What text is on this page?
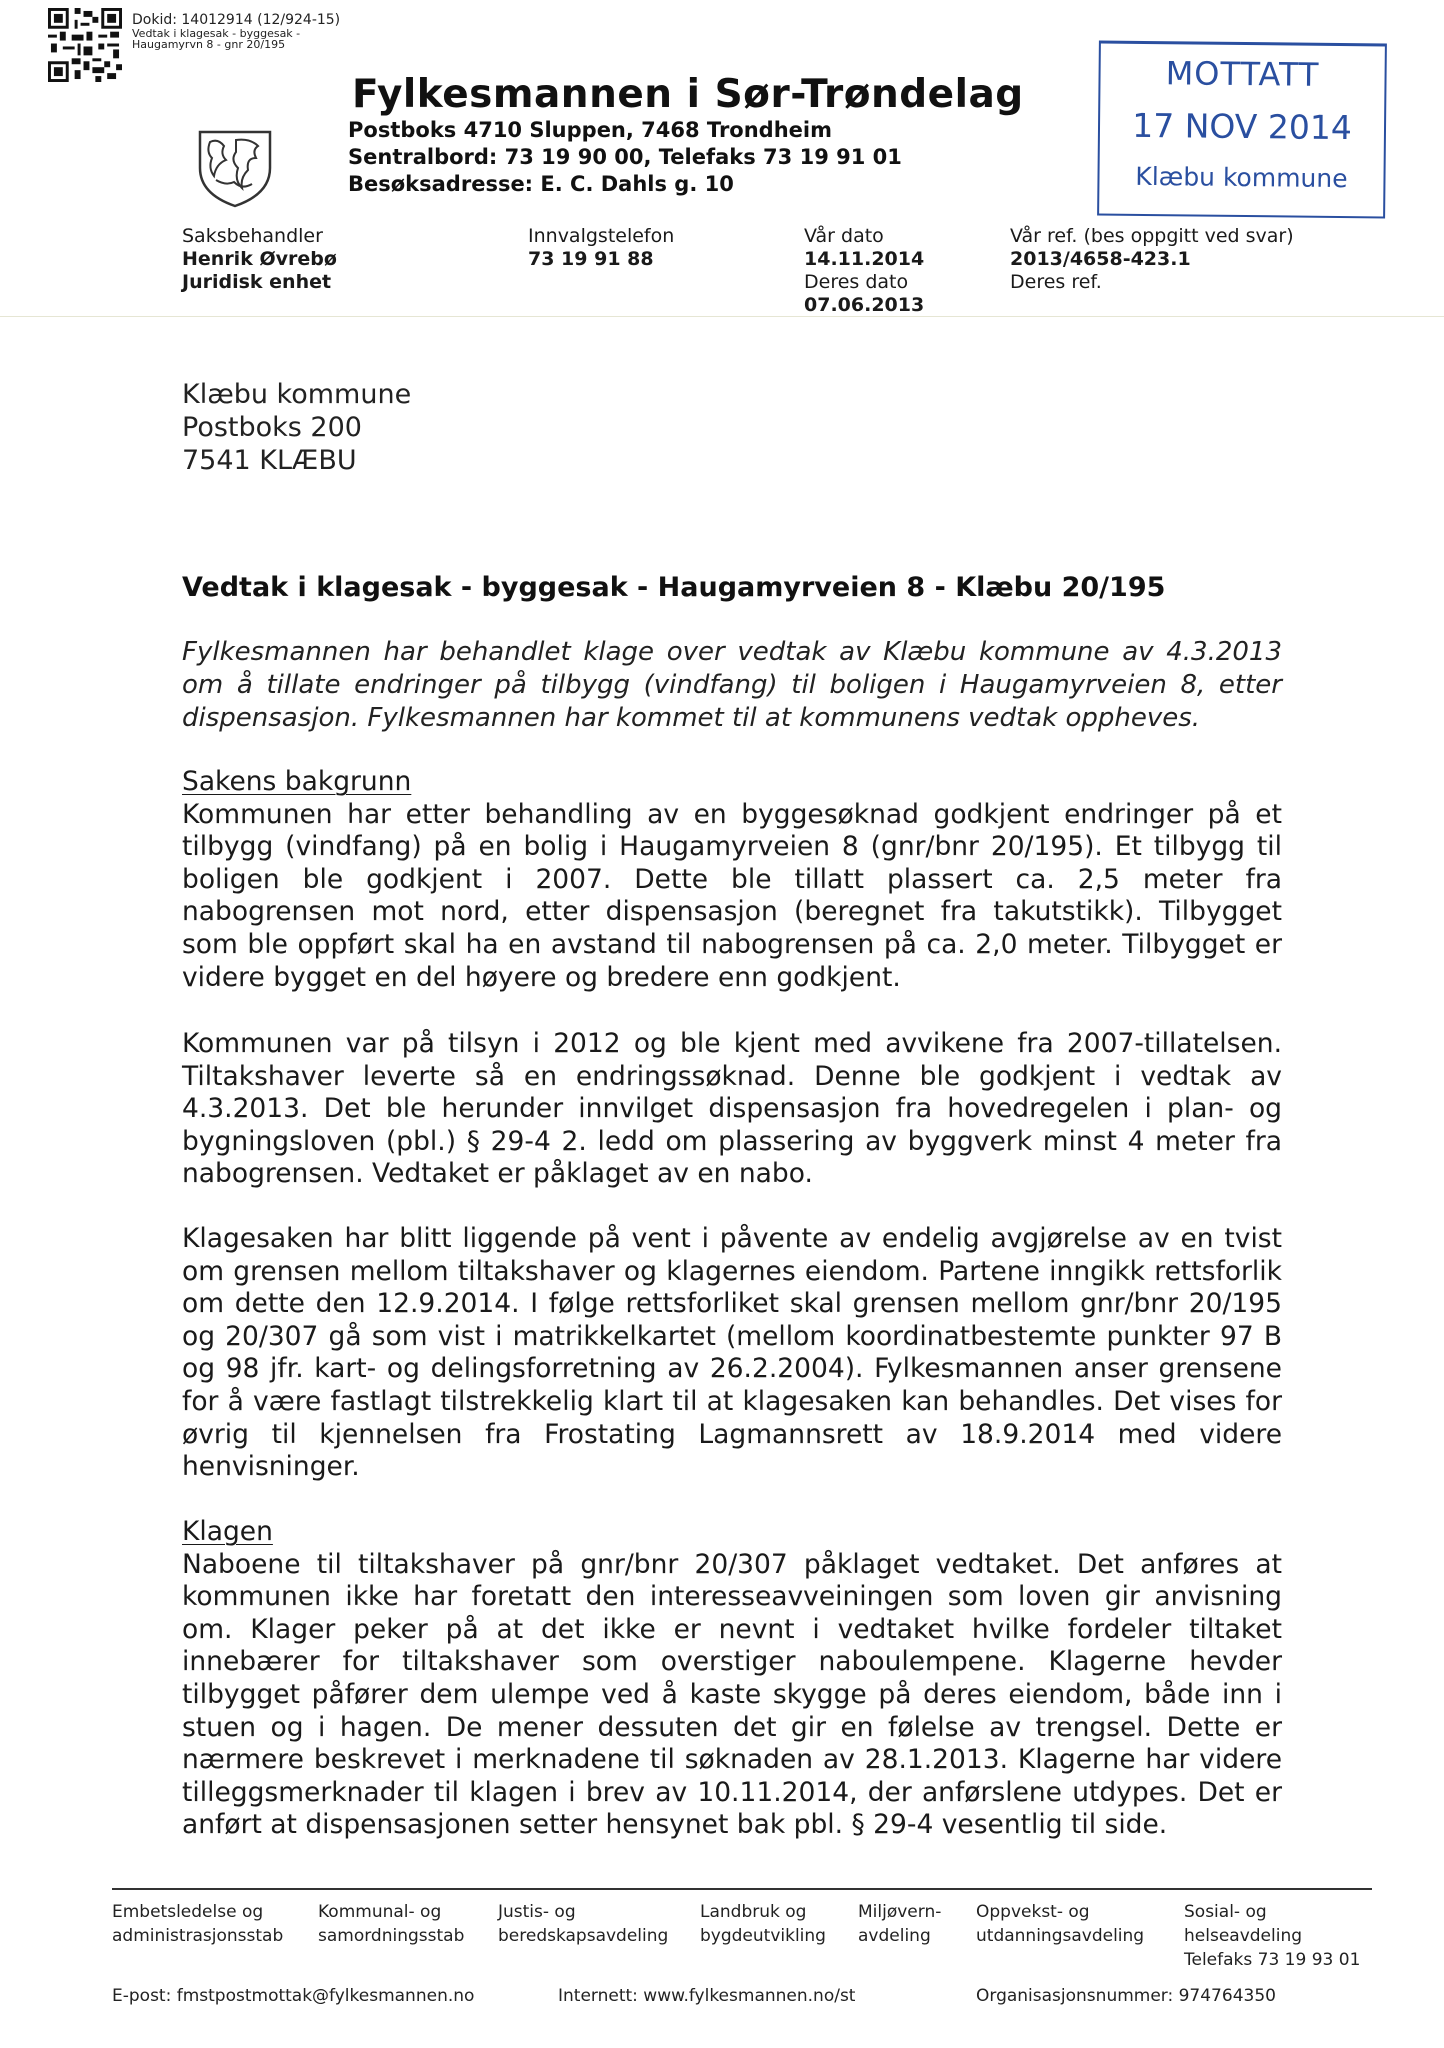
Dokid: 14012914 (12/924-15)
Vedtak i klagesak - byggesak -
Haugamyrvn 8 - gnr 20/195
Fylkesmannen i Sør-Trøndelag
Postboks 4710 Sluppen, 7468 Trondheim
Sentralbord: 73 19 90 00, Telefaks 73 19 91 01
Besøksadresse: E. C. Dahls g. 10
MOTTATT
17 NOV 2014
Klæbu kommune
Saksbehandler
Henrik Øvrebø
Juridisk enhet
Innvalgstelefon
73 19 91 88
Vår dato
14.11.2014
Deres dato
07.06.2013
Vår ref. (bes oppgitt ved svar)
2013/4658-423.1
Deres ref.
Klæbu kommune
Postboks 200
7541 KLÆBU
Vedtak i klagesak - byggesak - Haugamyrveien 8 - Klæbu 20/195
Fylkesmannen har behandlet klage over vedtak av Klæbu kommune av 4.3.2013 om å tillate endringer på tilbygg (vindfang) til boligen i Haugamyrveien 8, etter dispensasjon. Fylkesmannen har kommet til at kommunens vedtak oppheves.
Sakens bakgrunn

Kommunen har etter behandling av en byggesøknad godkjent endringer på et tilbygg (vindfang) på en bolig i Haugamyrveien 8 (gnr/bnr 20/195). Et tilbygg til boligen ble godkjent i 2007. Dette ble tillatt plassert ca. 2,5 meter fra nabogrensen mot nord, etter dispensasjon (beregnet fra takutstikk). Tilbygget som ble oppført skal ha en avstand til nabogrensen på ca. 2,0 meter. Tilbygget er videre bygget en del høyere og bredere enn godkjent.

Kommunen var på tilsyn i 2012 og ble kjent med avvikene fra 2007-tillatelsen. Tiltakshaver leverte så en endringssøknad. Denne ble godkjent i vedtak av 4.3.2013. Det ble herunder innvilget dispensasjon fra hovedregelen i plan- og bygningsloven (pbl.) § 29-4 2. ledd om plassering av byggverk minst 4 meter fra nabogrensen. Vedtaket er påklaget av en nabo.

Klagesaken har blitt liggende på vent i påvente av endelig avgjørelse av en tvist om grensen mellom tiltakshaver og klagernes eiendom. Partene inngikk rettsforlik om dette den 12.9.2014. I følge rettsforliket skal grensen mellom gnr/bnr 20/195 og 20/307 gå som vist i matrikkelkartet (mellom koordinatbestemte punkter 97 B og 98 jfr. kart- og delingsforretning av 26.2.2004). Fylkesmannen anser grensene for å være fastlagt tilstrekkelig klart til at klagesaken kan behandles. Det vises for øvrig til kjennelsen fra Frostating Lagmannsrett av 18.9.2014 med videre henvisninger.

Klagen

Naboene til tiltakshaver på gnr/bnr 20/307 påklaget vedtaket. Det anføres at kommunen ikke har foretatt den interesseavveiningen som loven gir anvisning om. Klager peker på at det ikke er nevnt i vedtaket hvilke fordeler tiltaket innebærer for tiltakshaver som overstiger naboulempene. Klagerne hevder tilbygget påfører dem ulempe ved å kaste skygge på deres eiendom, både inn i stuen og i hagen. De mener dessuten det gir en følelse av trengsel. Dette er nærmere beskrevet i merknadene til søknaden av 28.1.2013. Klagerne har videre tilleggsmerknader til klagen i brev av 10.11.2014, der anførslene utdypes. Det er anført at dispensasjonen setter hensynet bak pbl. § 29-4 vesentlig til side.

Embetsledelse og
administrasjonsstab
Kommunal- og
samordningsstab
Justis- og
beredskapsavdeling
Landbruk og
bygdeutvikling
Miljøvern-
avdeling
Oppvekst- og
utdanningsavdeling
Sosial- og
helseavdeling
Telefaks 73 19 93 01
E-post: fmstpostmottak@fylkesmannen.no	Internett: www.fylkesmannen.no/st	Organisasjonsnummer: 974764350
